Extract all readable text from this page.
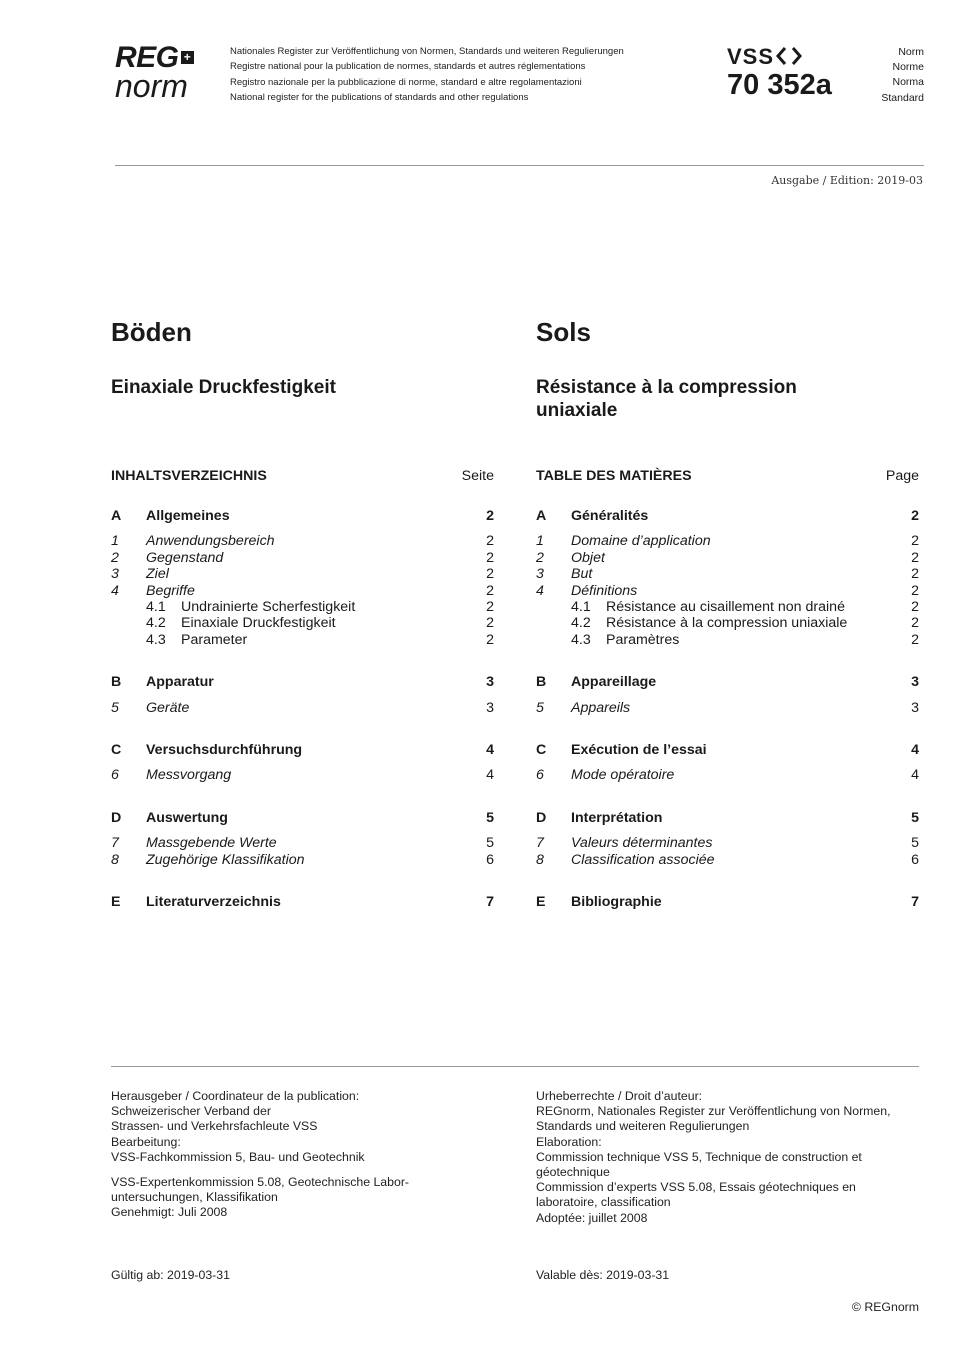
REG +
norm
Nationales Register zur Veröffentlichung von Normen, Standards und weiteren Regulierungen
Registre national pour la publication de normes, standards et autres réglementations
Registro nazionale per la pubblicazione di norme, standard e altre regolamentazioni
National register for the publications of standards and other regulations
VSS
70 352a
Norm
Norme
Norma
Standard
Ausgabe / Edition: 2019-03
Böden	Sols
Einaxiale Druckfestigkeit	Résistance à la compression uniaxiale
INHALTSVERZEICHNIS	Seite
A	Allgemeines	2
1	Anwendungsbereich	2
2	Gegenstand	2
3	Ziel	2
4	Begriffe	2
4.1 Undrainierte Scherfestigkeit	2
4.2 Einaxiale Druckfestigkeit	2
4.3 Parameter	2
B	Apparatur	3
5	Geräte	3
C	Versuchsdurchführung	4
6	Messvorgang	4
D	Auswertung	5
7	Massgebende Werte	5
8	Zugehörige Klassifikation	6
E	Literaturverzeichnis	7
TABLE DES MATIÈRES	Page
A	Généralités	2
1	Domaine d’application	2
2	Objet	2
3	But	2
4	Définitions	2
4.1 Résistance au cisaillement non drainé	2
4.2 Résistance à la compression uniaxiale	2
4.3 Paramètres	2
B	Appareillage	3
5	Appareils	3
C	Exécution de l’essai	4
6	Mode opératoire	4
D	Interprétation	5
7	Valeurs déterminantes	5
8	Classification associée	6
E	Bibliographie	7

Herausgeber / Coordinateur de la publication:

Schweizerischer Verband der

Strassen- und Verkehrsfachleute VSS

Bearbeitung:

VSS-Fachkommission 5, Bau- und Geotechnik

VSS-Expertenkommission 5.08, Geotechnische Labor-

untersuchungen, Klassifikation

Genehmigt: Juli 2008

Urheberrechte / Droit d’auteur:

REGnorm, Nationales Register zur Veröffentlichung von Normen,

Standards und weiteren Regulierungen

Elaboration:

Commission technique VSS 5, Technique de construction et

géotechnique

Commission d’experts VSS 5.08, Essais géotechniques en

laboratoire, classification

Adoptée: juillet 2008

Gültig ab: 2019-03-31	Valable dès: 2019-03-31
© REGnorm
